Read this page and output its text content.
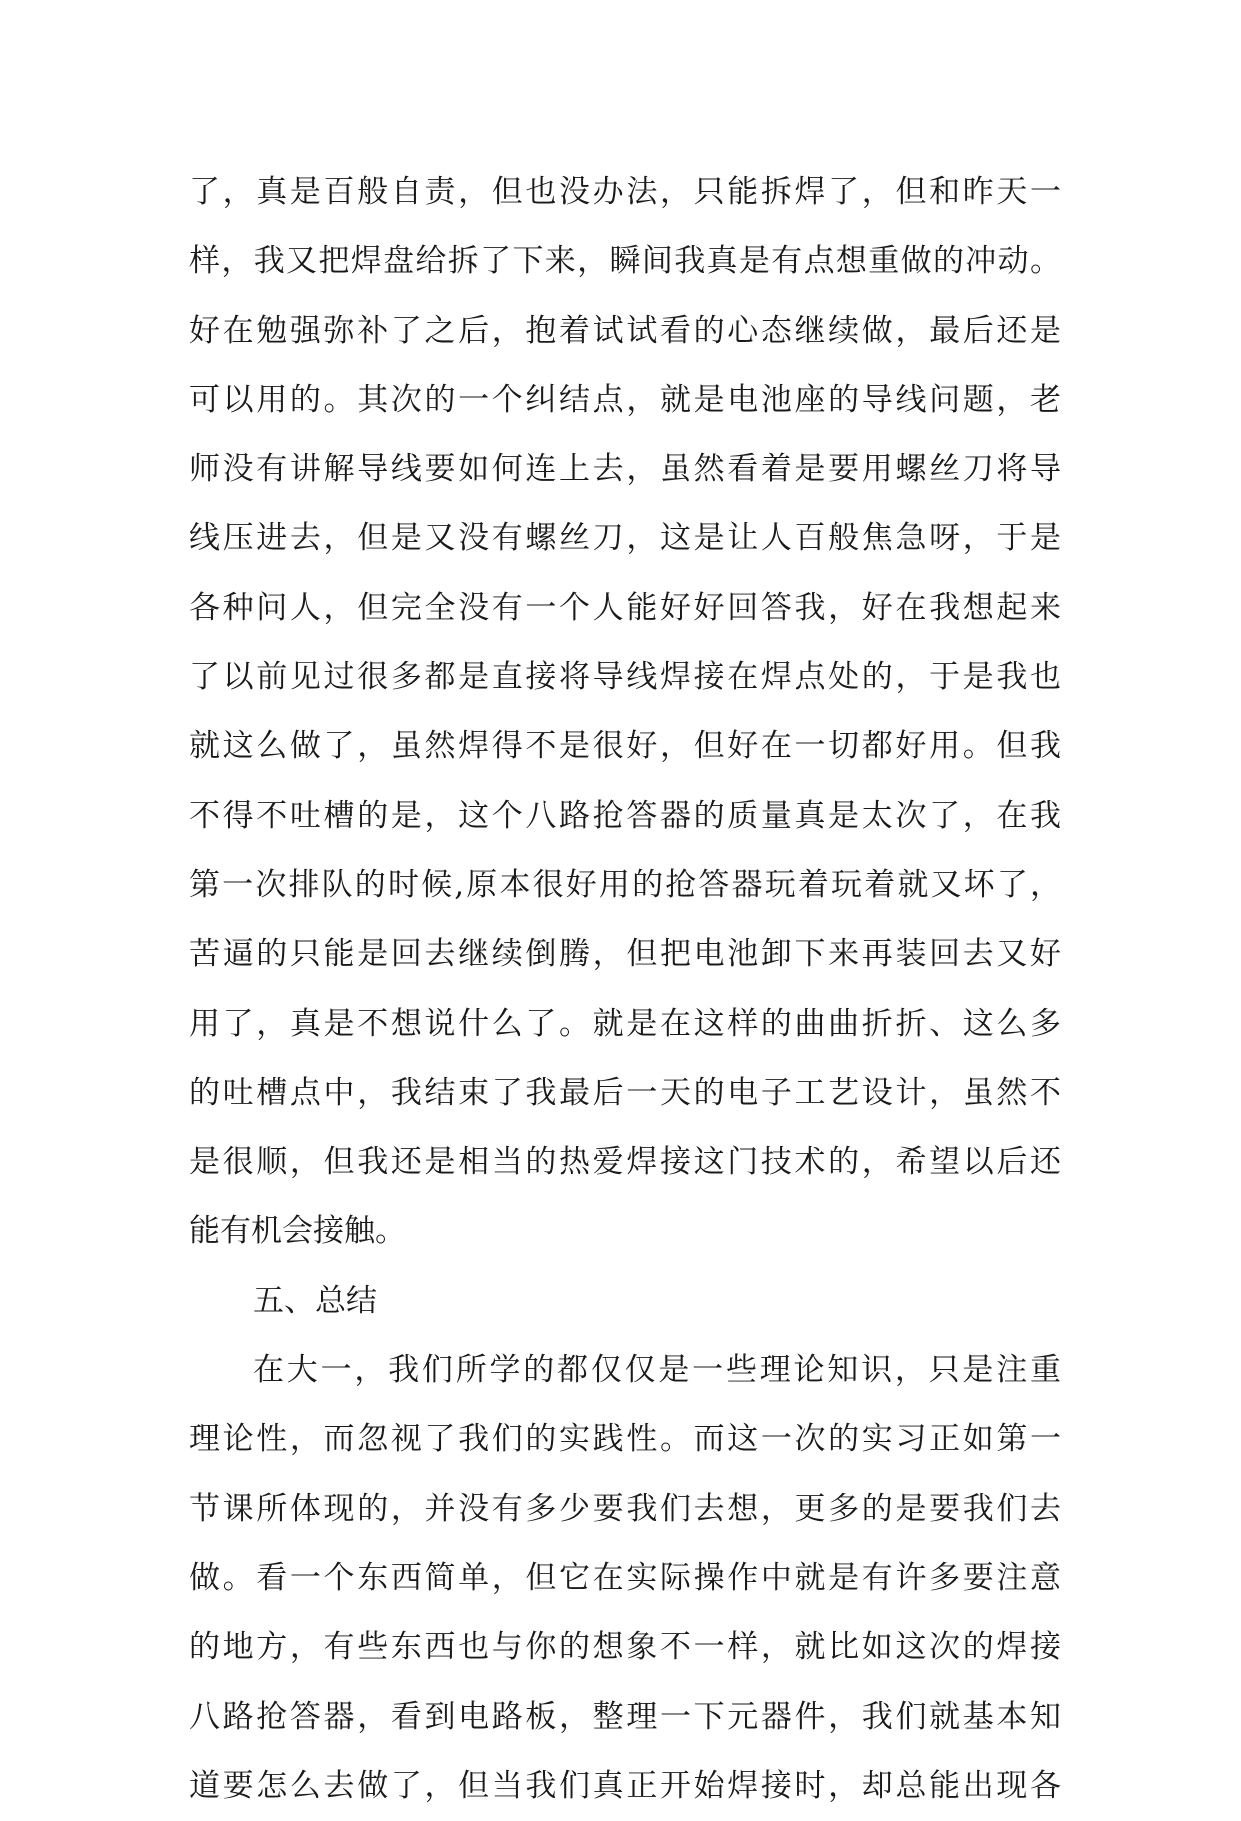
了，真是百般自责，但也没办法，只能拆焊了，但和昨天一
样，我又把焊盘给拆了下来，瞬间我真是有点想重做的冲动。
好在勉强弥补了之后，抱着试试看的心态继续做，最后还是
可以用的。其次的一个纠结点，就是电池座的导线问题，老
师没有讲解导线要如何连上去，虽然看着是要用螺丝刀将导
线压进去，但是又没有螺丝刀，这是让人百般焦急呀，于是
各种问人，但完全没有一个人能好好回答我，好在我想起来
了以前见过很多都是直接将导线焊接在焊点处的，于是我也
就这么做了，虽然焊得不是很好，但好在一切都好用。但我
不得不吐槽的是，这个八路抢答器的质量真是太次了，在我
第一次排队的时候,原本很好用的抢答器玩着玩着就又坏了，
苦逼的只能是回去继续倒腾，但把电池卸下来再装回去又好
用了，真是不想说什么了。就是在这样的曲曲折折、这么多
的吐槽点中，我结束了我最后一天的电子工艺设计，虽然不
是很顺，但我还是相当的热爱焊接这门技术的，希望以后还
能有机会接触。
五、总结
在大一，我们所学的都仅仅是一些理论知识，只是注重
理论性，而忽视了我们的实践性。而这一次的实习正如第一
节课所体现的，并没有多少要我们去想，更多的是要我们去
做。看一个东西简单，但它在实际操作中就是有许多要注意
的地方，有些东西也与你的想象不一样，就比如这次的焊接
八路抢答器，看到电路板，整理一下元器件，我们就基本知
道要怎么去做了，但当我们真正开始焊接时，却总能出现各
